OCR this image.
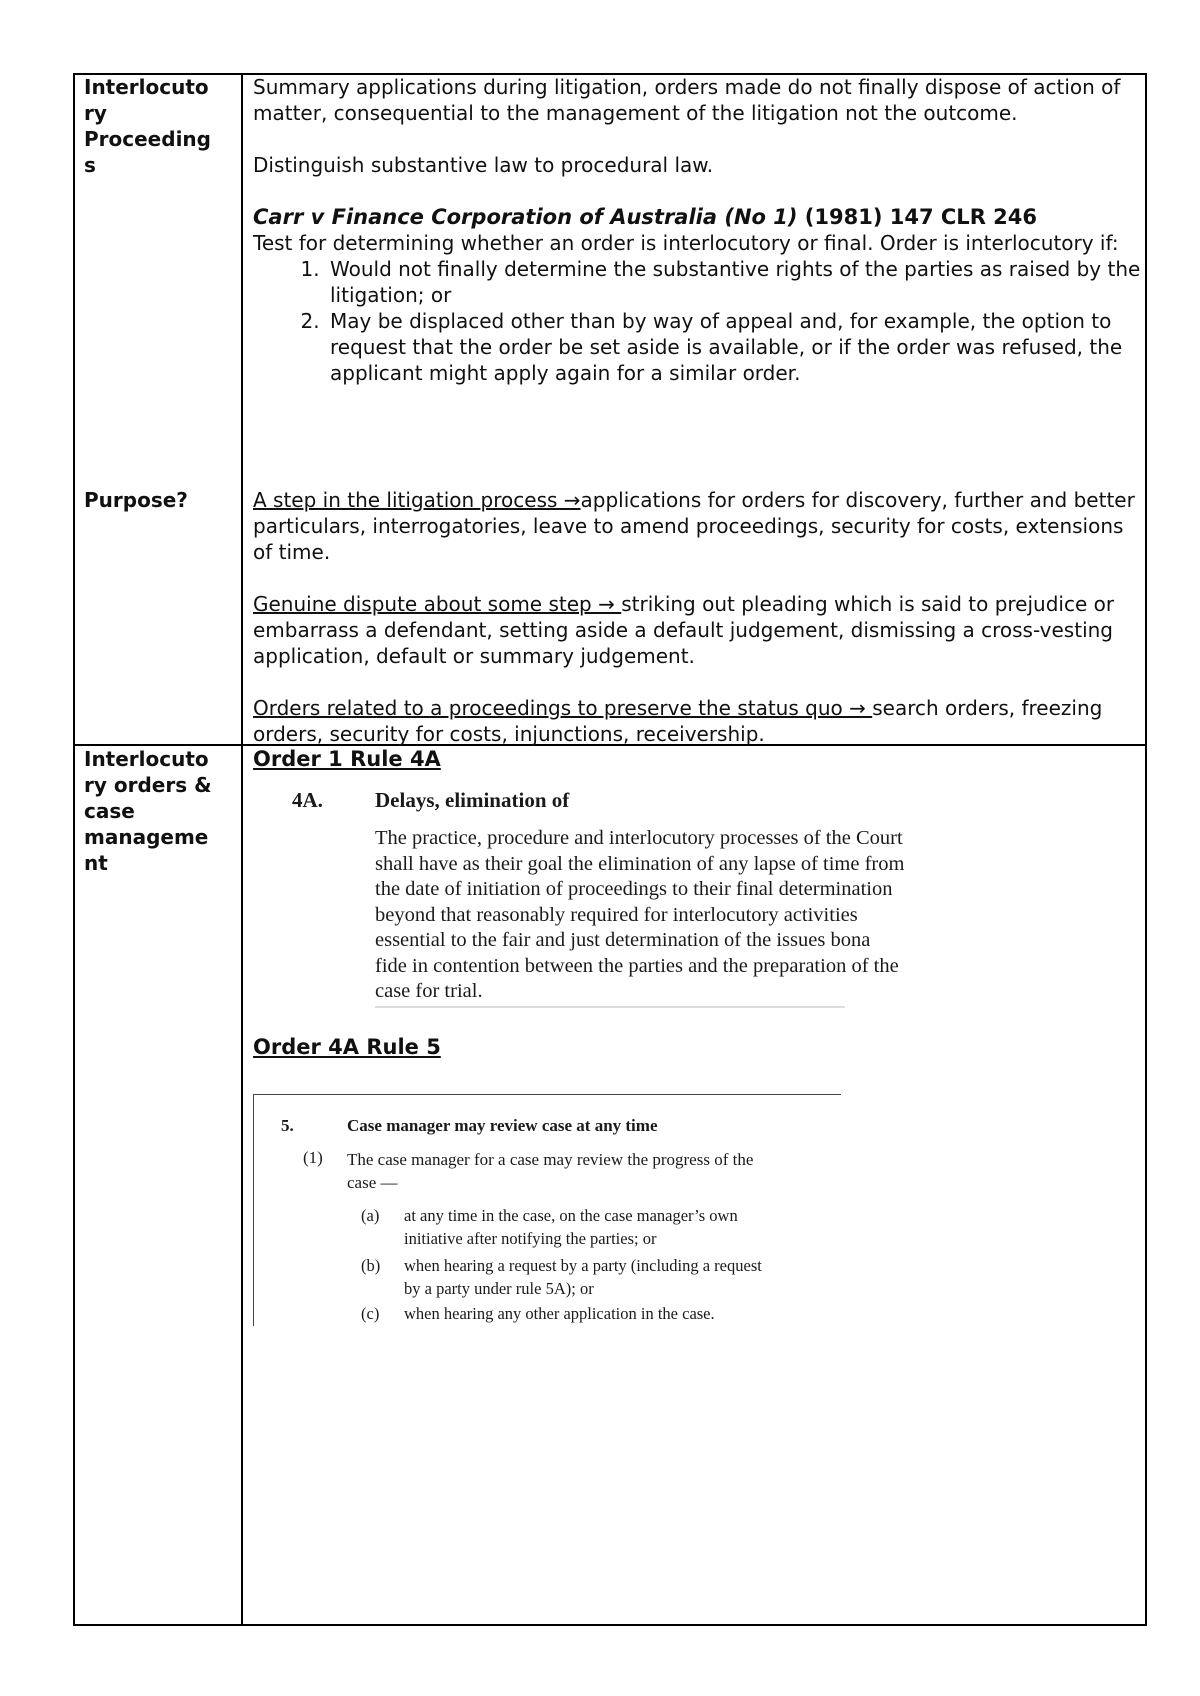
Interlocuto
ry
Proceeding
s
Purpose?

Summary applications during litigation, orders made do not finally dispose of action of matter, consequential to the management of the litigation not the outcome.

Distinguish substantive law to procedural law.

Carr v Finance Corporation of Australia (No 1) (1981) 147 CLR 246

Test for determining whether an order is interlocutory or final. Order is interlocutory if:

1. Would not finally determine the substantive rights of the parties as raised by the litigation; or
2. May be displaced other than by way of appeal and, for example, the option to request that the order be set aside is available, or if the order was refused, the applicant might apply again for a similar order.

A step in the litigation process →applications for orders for discovery, further and better particulars, interrogatories, leave to amend proceedings, security for costs, extensions of time.

Genuine dispute about some step → striking out pleading which is said to prejudice or embarrass a defendant, setting aside a default judgement, dismissing a cross-vesting application, default or summary judgement.

Orders related to a proceedings to preserve the status quo → search orders, freezing orders, security for costs, injunctions, receivership.

Interlocuto
ry orders &
case
manageme
nt
Order 1 Rule 4A
4A. Delays, elimination of
The practice, procedure and interlocutory processes of the Court
shall have as their goal the elimination of any lapse of time from
the date of initiation of proceedings to their final determination
beyond that reasonably required for interlocutory activities
essential to the fair and just determination of the issues bona
fide in contention between the parties and the preparation of the
case for trial.
Order 4A Rule 5
5.	Case manager may review case at any time
(1) The case manager for a case may review the progress of the
case —
(a) at any time in the case, on the case manager’s own
initiative after notifying the parties; or
(b) when hearing a request by a party (including a request
by a party under rule 5A); or
(c) when hearing any other application in the case.
